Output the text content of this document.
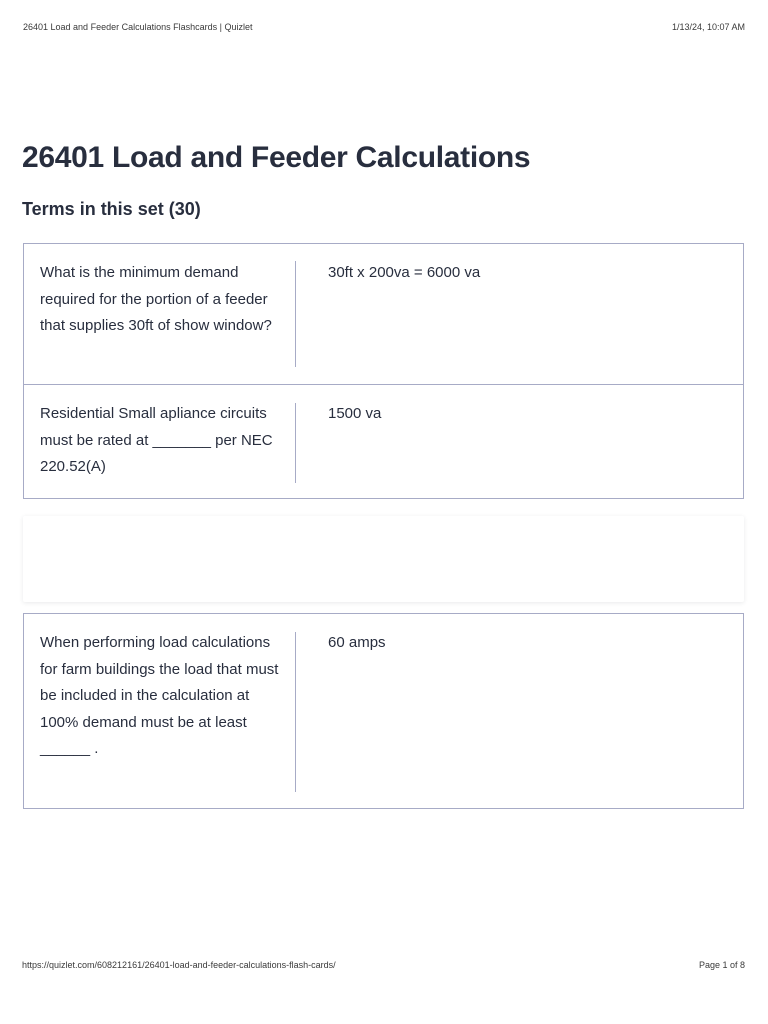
26401 Load and Feeder Calculations Flashcards | Quizlet	1/13/24, 10:07 AM
26401 Load and Feeder Calculations
Terms in this set (30)
What is the minimum demand required for the portion of a feeder that supplies 30ft of show window?
30ft x 200va = 6000 va
Residential Small apliance circuits must be rated at _______ per NEC 220.52(A)
1500 va
When performing load calculations for farm buildings the load that must be included in the calculation at 100% demand must be at least ______ .
60 amps
https://quizlet.com/608212161/26401-load-and-feeder-calculations-flash-cards/	Page 1 of 8
